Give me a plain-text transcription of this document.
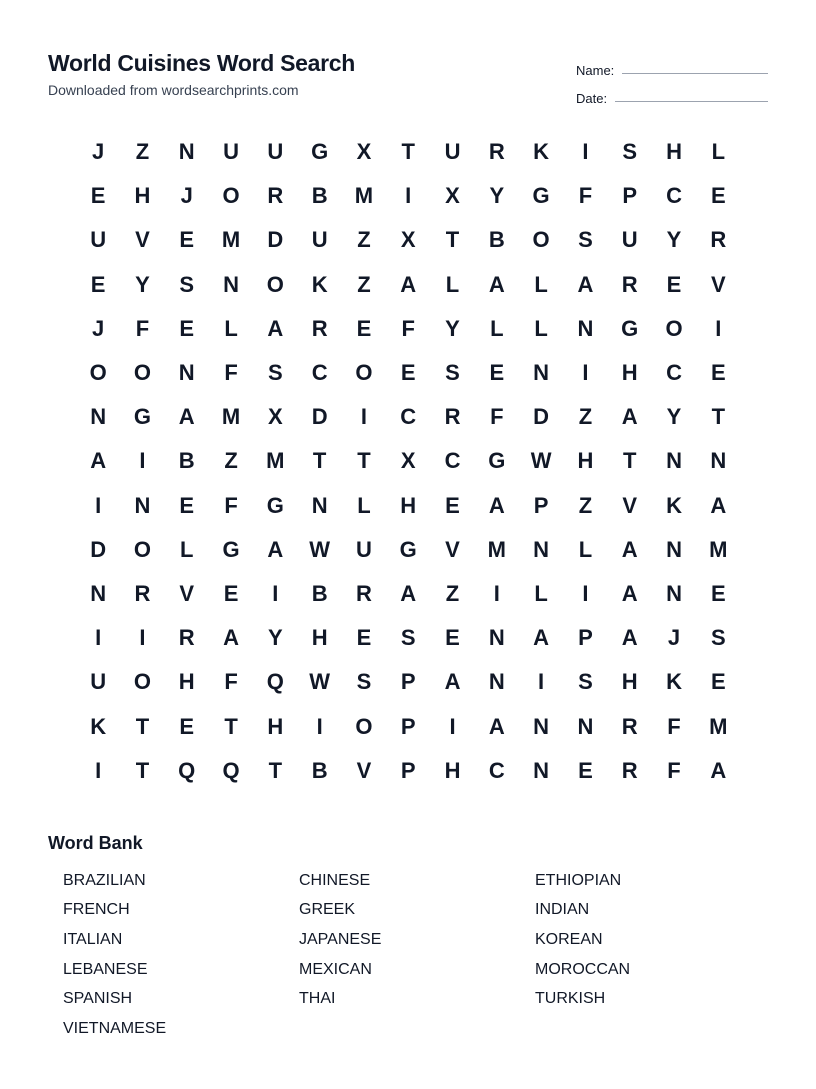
World Cuisines Word Search
Downloaded from wordsearchprints.com
Name:
Date:
J	Z	N	U	U	G	X	T	U	R	K	I	S	H	L
E	H	J	O	R	B	M	I	X	Y	G	F	P	C	E
U	V	E	M	D	U	Z	X	T	B	O	S	U	Y	R
E	Y	S	N	O	K	Z	A	L	A	L	A	R	E	V
J	F	E	L	A	R	E	F	Y	L	L	N	G	O	I
O	O	N	F	S	C	O	E	S	E	N	I	H	C	E
N	G	A	M	X	D	I	C	R	F	D	Z	A	Y	T
A	I	B	Z	M	T	T	X	C	G	W	H	T	N	N
I	N	E	F	G	N	L	H	E	A	P	Z	V	K	A
D	O	L	G	A	W	U	G	V	M	N	L	A	N	M
N	R	V	E	I	B	R	A	Z	I	L	I	A	N	E
I	I	R	A	Y	H	E	S	E	N	A	P	A	J	S
U	O	H	F	Q	W	S	P	A	N	I	S	H	K	E
K	T	E	T	H	I	O	P	I	A	N	N	R	F	M
I	T	Q	Q	T	B	V	P	H	C	N	E	R	F	A
Word Bank
BRAZILIAN	CHINESE	ETHIOPIAN
FRENCH	GREEK	INDIAN
ITALIAN	JAPANESE	KOREAN
LEBANESE	MEXICAN	MOROCCAN
SPANISH	THAI	TURKISH
VIETNAMESE
